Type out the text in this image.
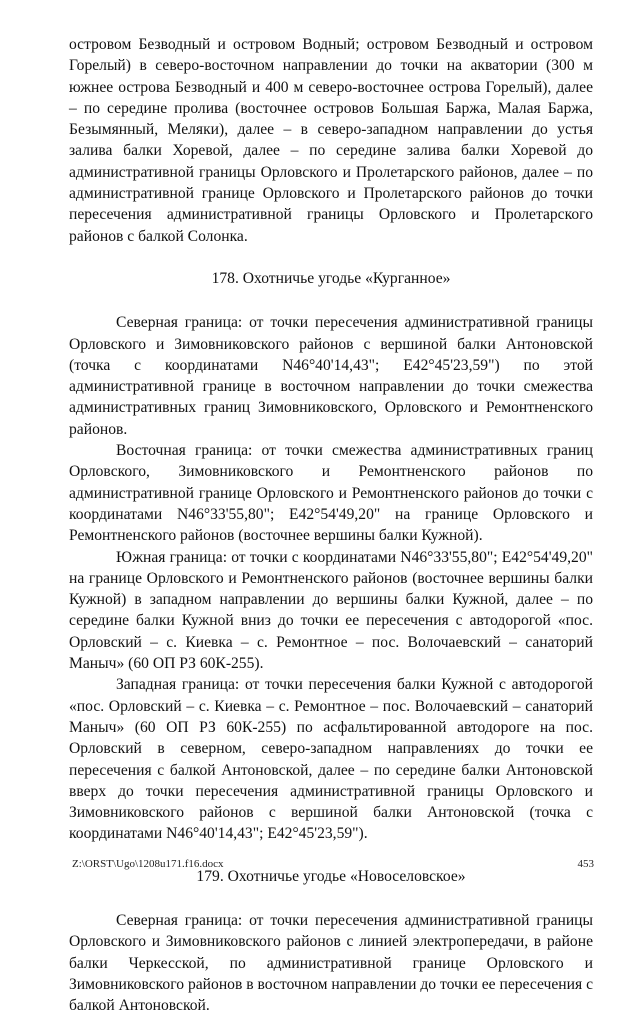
островом Безводный и островом Водный; островом Безводный и островом Горелый) в северо-восточном направлении до точки на акватории (300 м южнее острова Безводный и 400 м северо-восточнее острова Горелый), далее – по середине пролива (восточнее островов Большая Баржа, Малая Баржа, Безымянный, Меляки), далее – в северо-западном направлении до устья залива балки Хоревой, далее – по середине залива балки Хоревой до административной границы Орловского и Пролетарского районов, далее – по административной границе Орловского и Пролетарского районов до точки пересечения административной границы Орловского и Пролетарского районов с балкой Солонка.

178. Охотничье угодье «Курганное»

Северная граница: от точки пересечения административной границы Орловского и Зимовниковского районов с вершиной балки Антоновской (точка с координатами N46°40'14,43"; E42°45'23,59") по этой административной границе в восточном направлении до точки смежества административных границ Зимовниковского, Орловского и Ремонтненского районов.

Восточная граница: от точки смежества административных границ Орловского, Зимовниковского и Ремонтненского районов по административной границе Орловского и Ремонтненского районов до точки с координатами N46°33'55,80"; E42°54'49,20" на границе Орловского и Ремонтненского районов (восточнее вершины балки Кужной).

Южная граница: от точки с координатами N46°33'55,80"; E42°54'49,20" на границе Орловского и Ремонтненского районов (восточнее вершины балки Кужной) в западном направлении до вершины балки Кужной, далее – по середине балки Кужной вниз до точки ее пересечения с автодорогой «пос. Орловский – с. Киевка – с. Ремонтное – пос. Волочаевский – санаторий Маныч» (60 ОП РЗ 60К-255).

Западная граница: от точки пересечения балки Кужной с автодорогой «пос. Орловский – с. Киевка – с. Ремонтное – пос. Волочаевский – санаторий Маныч» (60 ОП РЗ 60К-255) по асфальтированной автодороге на пос. Орловский в северном, северо-западном направлениях до точки ее пересечения с балкой Антоновской, далее – по середине балки Антоновской вверх до точки пересечения административной границы Орловского и Зимовниковского районов с вершиной балки Антоновской (точка с координатами N46°40'14,43"; E42°45'23,59").

179. Охотничье угодье «Новоселовское»

Северная граница: от точки пересечения административной границы Орловского и Зимовниковского районов с линией электропередачи, в районе балки Черкесской, по административной границе Орловского и Зимовниковского районов в восточном направлении до точки ее пересечения с балкой Антоновской.

Z:\ORST\Ugo\1208u171.f16.docx	453
